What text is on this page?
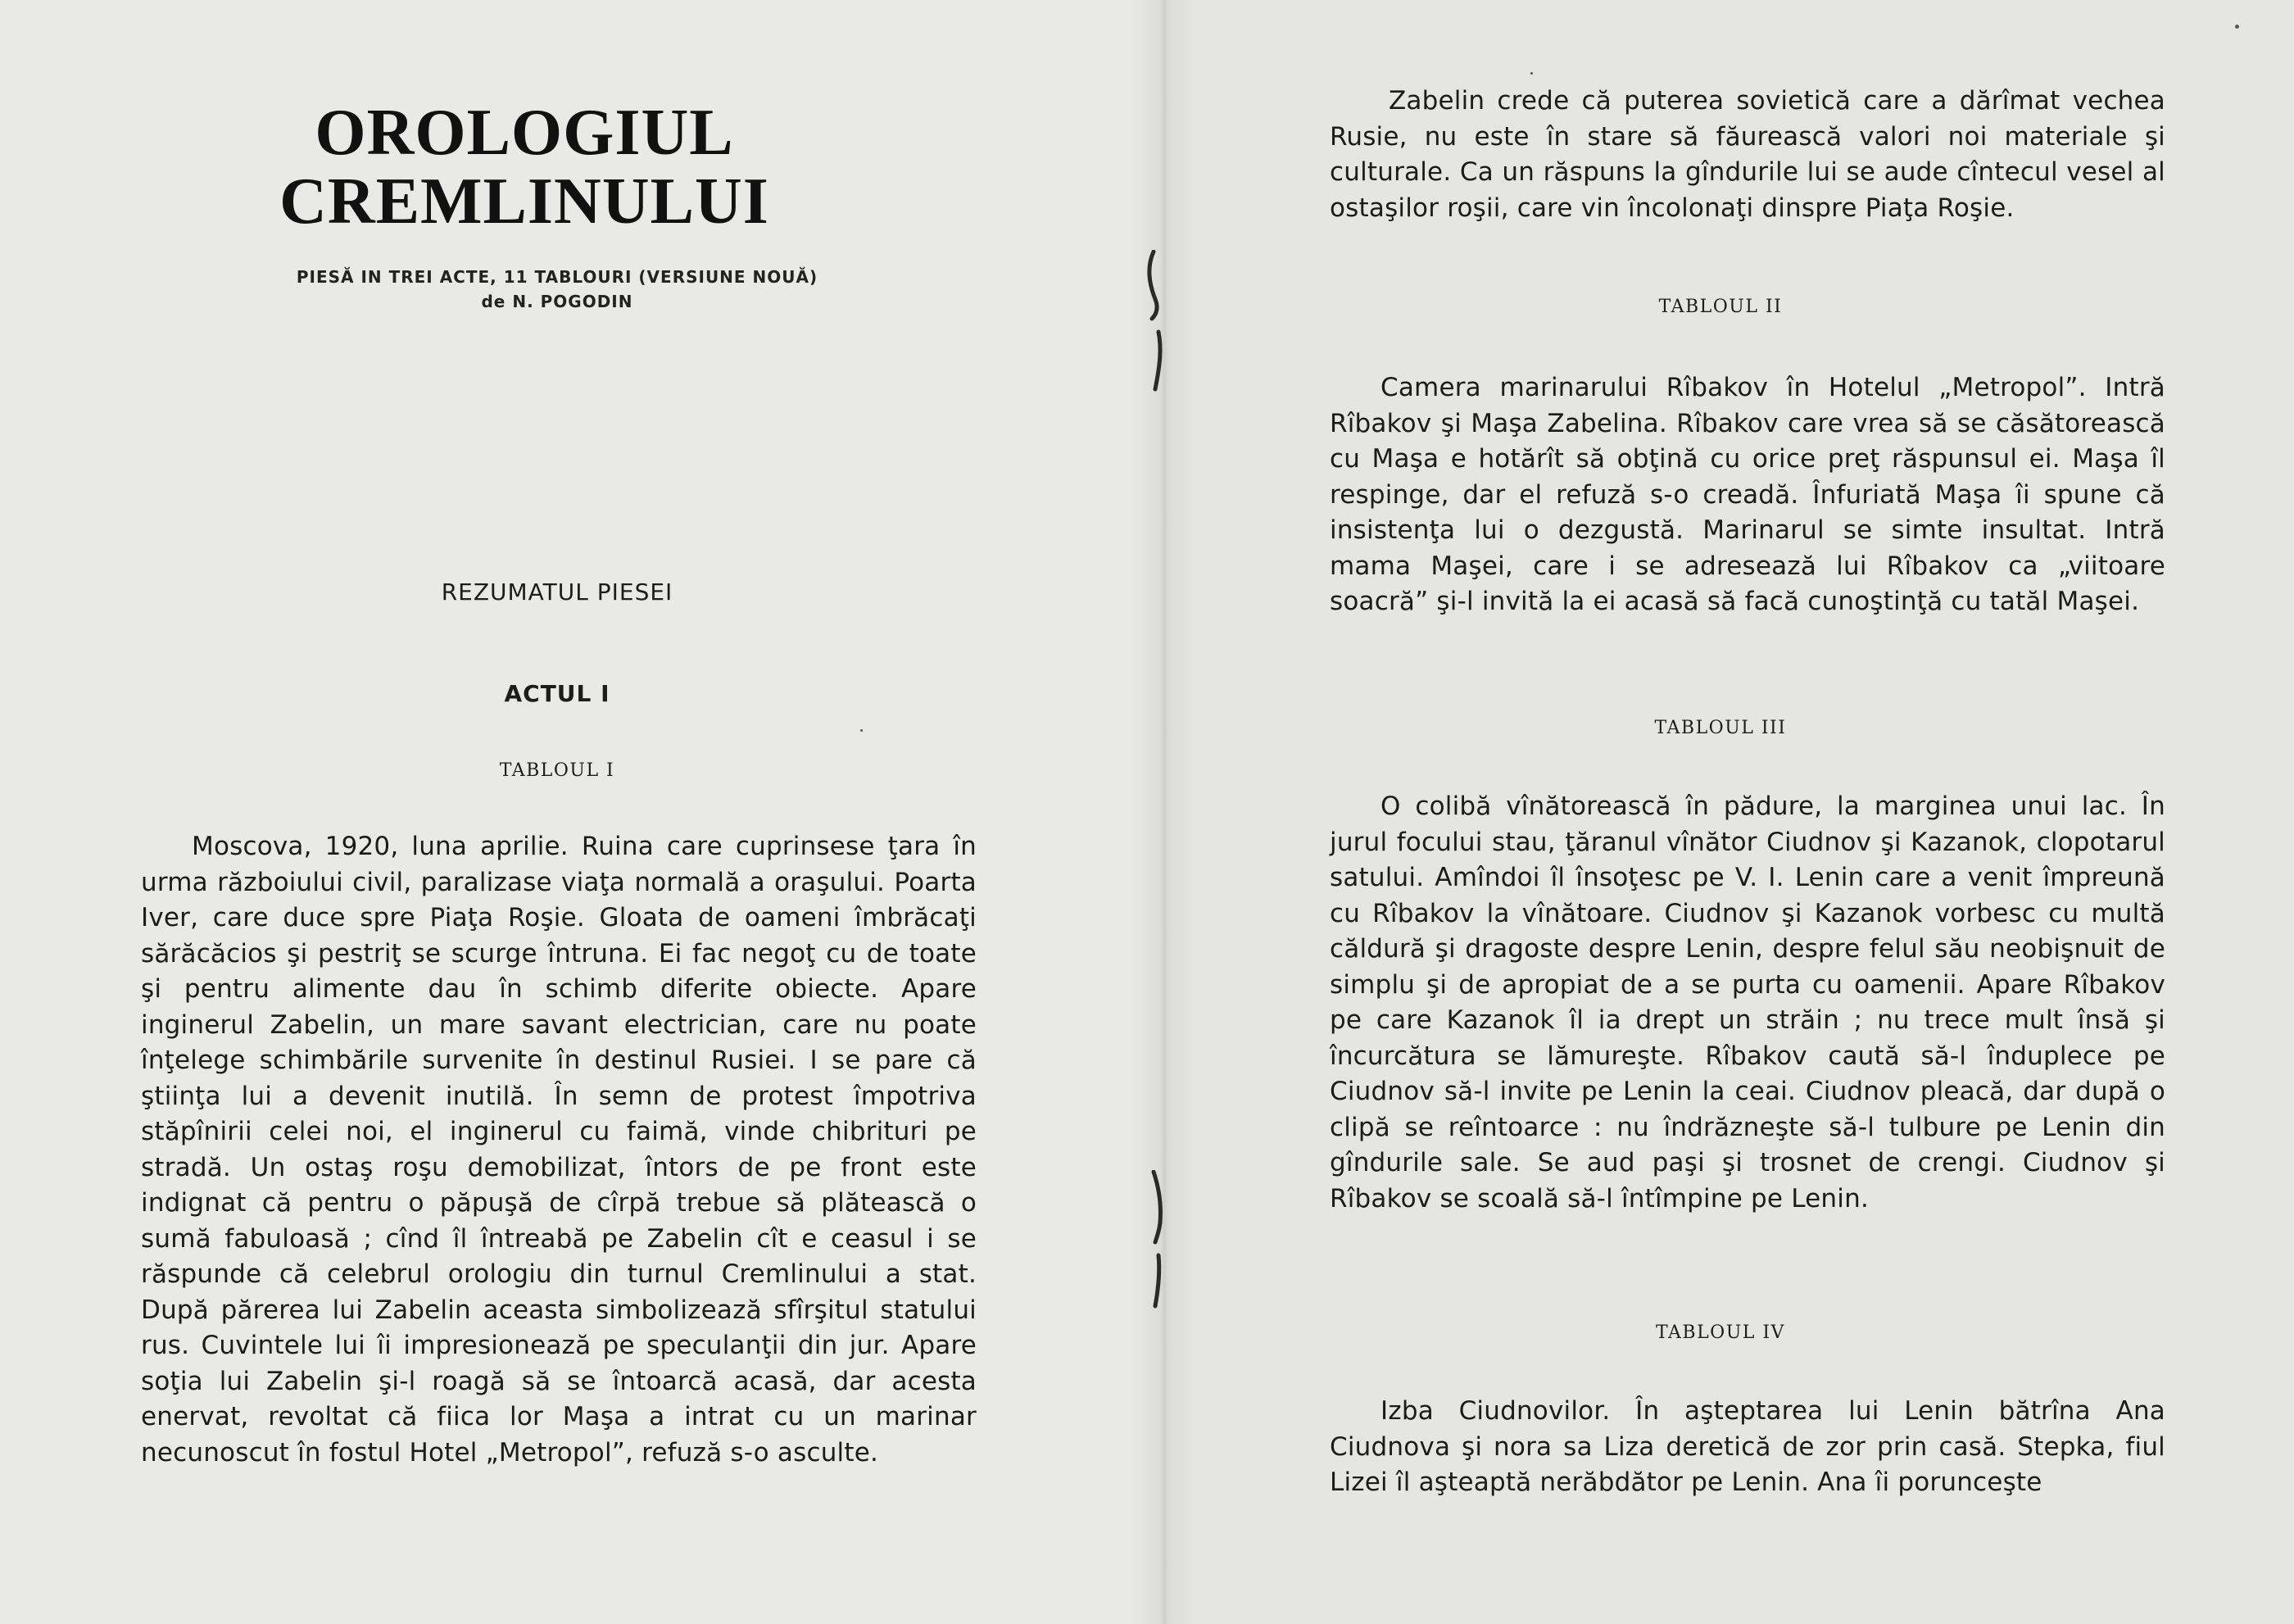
OROLOGIUL
CREMLINULUI
PIESĂ IN TREI ACTE, 11 TABLOURI (VERSIUNE NOUĂ)
de N. POGODIN
REZUMATUL PIESEI
ACTUL I
TABLOUL I

Moscova, 1920, luna aprilie. Ruina care cuprinsese ţara în urma războiului civil, paralizase viaţa normală a oraşului. Poarta Iver, care duce spre Piaţa Roşie. Gloata de oameni îmbrăcaţi sărăcăcios şi pestriţ se scurge întruna. Ei fac negoţ cu de toate şi pentru alimente dau în schimb diferite obiecte. Apare inginerul Zabelin, un mare savant electrician, care nu poate înţelege schimbările survenite în destinul Rusiei. I se pare că ştiinţa lui a devenit inutilă. În semn de protest împotriva stăpînirii celei noi, el inginerul cu faimă, vinde chibrituri pe stradă. Un ostaş roşu demobilizat, întors de pe front este indignat că pentru o păpuşă de cîrpă trebue să plătească o sumă fabuloasă ; cînd îl întreabă pe Zabelin cît e ceasul i se răspunde că celebrul orologiu din turnul Cremlinului a stat. După părerea lui Zabelin aceasta simbolizează sfîrşitul statului rus. Cuvintele lui îi impresionează pe speculanţii din jur. Apare soţia lui Zabelin şi-l roagă să se întoarcă acasă, dar acesta enervat, revoltat că fiica lor Maşa a intrat cu un marinar necunoscut în fostul Hotel „Metropol”, refuză s-o asculte.

Zabelin crede că puterea sovietică care a dărîmat vechea Rusie, nu este în stare să făurească valori noi materiale şi culturale. Ca un răspuns la gîndurile lui se aude cîntecul vesel al ostaşilor roşii, care vin încolonaţi dinspre Piaţa Roşie.

TABLOUL II

Camera marinarului Rîbakov în Hotelul „Metropol”. Intră Rîbakov şi Maşa Zabelina. Rîbakov care vrea să se căsătorească cu Maşa e hotărît să obţină cu orice preţ răspunsul ei. Maşa îl respinge, dar el refuză s-o creadă. Înfuriată Maşa îi spune că insistenţa lui o dezgustă. Marinarul se simte insultat. Intră mama Maşei, care i se adresează lui Rîbakov ca „viitoare soacră” şi-l invită la ei acasă să facă cunoştinţă cu tatăl Maşei.

TABLOUL III

O colibă vînătorească în pădure, la marginea unui lac. În jurul focului stau, ţăranul vînător Ciudnov şi Kazanok, clopotarul satului. Amîndoi îl însoţesc pe V. I. Lenin care a venit împreună cu Rîbakov la vînătoare. Ciudnov şi Kazanok vorbesc cu multă căldură şi dragoste despre Lenin, despre felul său neobişnuit de simplu şi de apropiat de a se purta cu oamenii. Apare Rîbakov pe care Kazanok îl ia drept un străin ; nu trece mult însă şi încurcătura se lămureşte. Rîbakov caută să-l înduplece pe Ciudnov să-l invite pe Lenin la ceai. Ciudnov pleacă, dar după o clipă se reîntoarce : nu îndrăzneşte să-l tulbure pe Lenin din gîndurile sale. Se aud paşi şi trosnet de crengi. Ciudnov şi Rîbakov se scoală să-l întîmpine pe Lenin.

TABLOUL IV

Izba Ciudnovilor. În aşteptarea lui Lenin bătrîna Ana Ciudnova şi nora sa Liza deretică de zor prin casă. Stepka, fiul Lizei îl aşteaptă nerăbdător pe Lenin. Ana îi porunceşte
